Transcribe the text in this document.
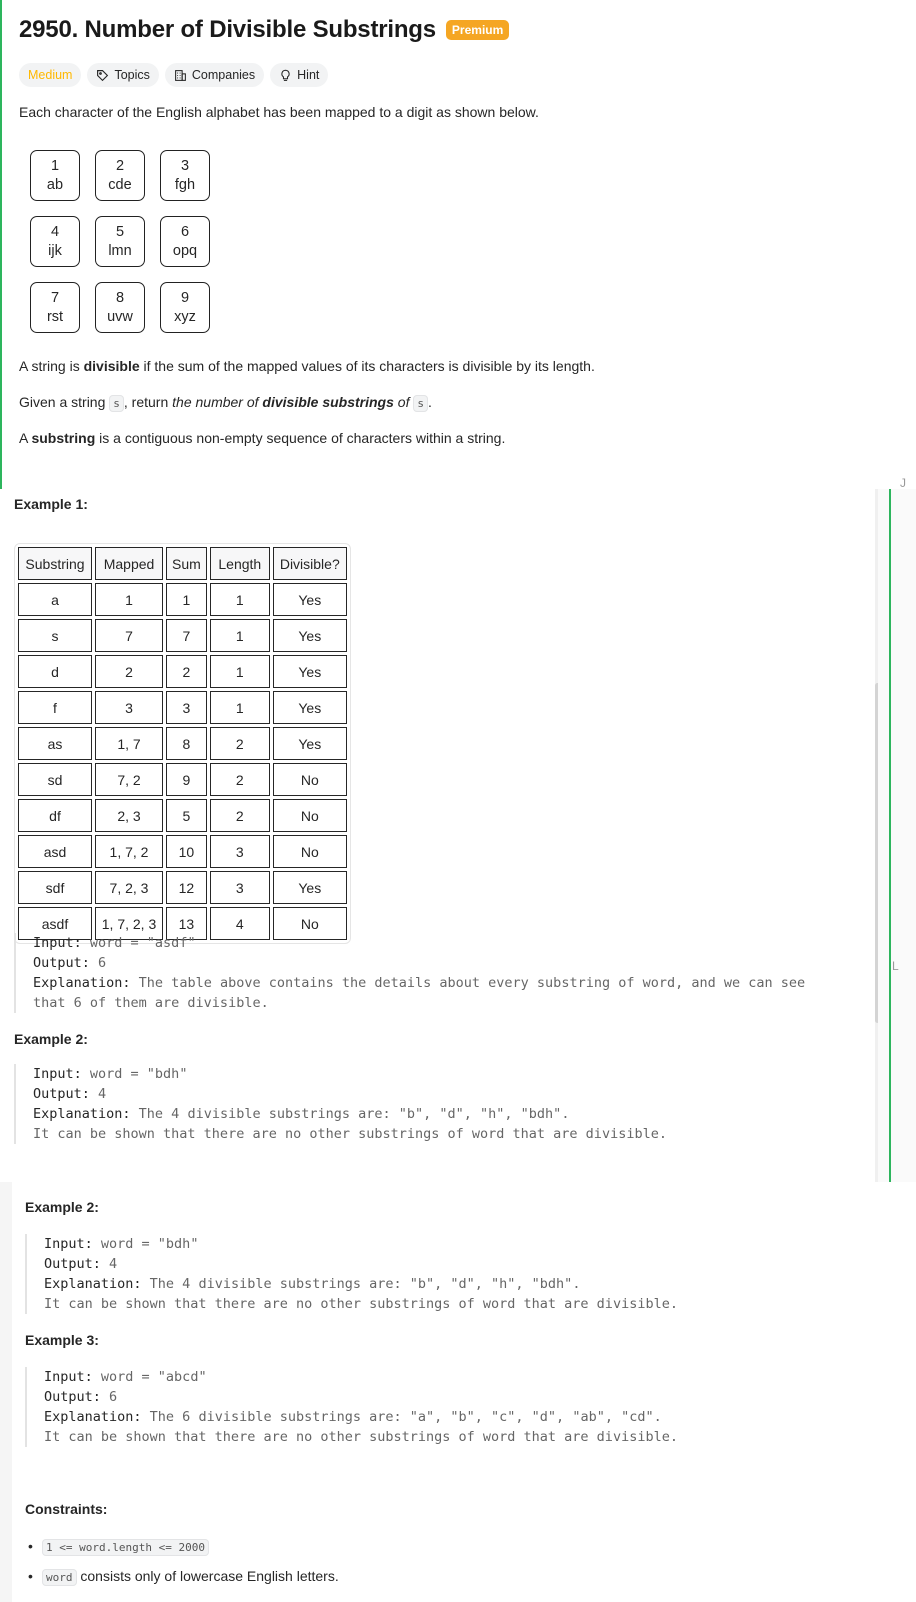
2950. Number of Divisible Substrings	Premium
Medium	Topics	Companies	Hint
Each character of the English alphabet has been mapped to a digit as shown below.
1
ab
2
cde
3
fgh
4
ijk
5
lmn
6
opq
7
rst
8
uvw
9
xyz
A string is divisible if the sum of the mapped values of its characters is divisible by its length.
Given a string s , return the number of divisible substrings of s .
A substring is a contiguous non-empty sequence of characters within a string.
Example 1:
Substring	Mapped	Sum	Length	Divisible?
a	1	1	1	Yes
s	7	7	1	Yes
d	2	2	1	Yes
f	3	3	1	Yes
as	1, 7	8	2	Yes
sd	7, 2	9	2	No
df	2, 3	5	2	No
asd	1, 7, 2	10	3	No
sdf	7, 2, 3	12	3	Yes
asdf	1, 7, 2, 3	13	4	No
Input: word = "asdf"
Output: 6
Explanation: The table above contains the details about every substring of word, and we can see
that 6 of them are divisible.
Example 2:
Input: word = "bdh"
Output: 4
Explanation: The 4 divisible substrings are: "b", "d", "h", "bdh".
It can be shown that there are no other substrings of word that are divisible.
J
L
Example 2:
Input: word = "bdh"
Output: 4
Explanation: The 4 divisible substrings are: "b", "d", "h", "bdh".
It can be shown that there are no other substrings of word that are divisible.
Example 3:
Input: word = "abcd"
Output: 6
Explanation: The 6 divisible substrings are: "a", "b", "c", "d", "ab", "cd".
It can be shown that there are no other substrings of word that are divisible.
Constraints:
• 1 <= word.length <= 2000
• word consists only of lowercase English letters.
